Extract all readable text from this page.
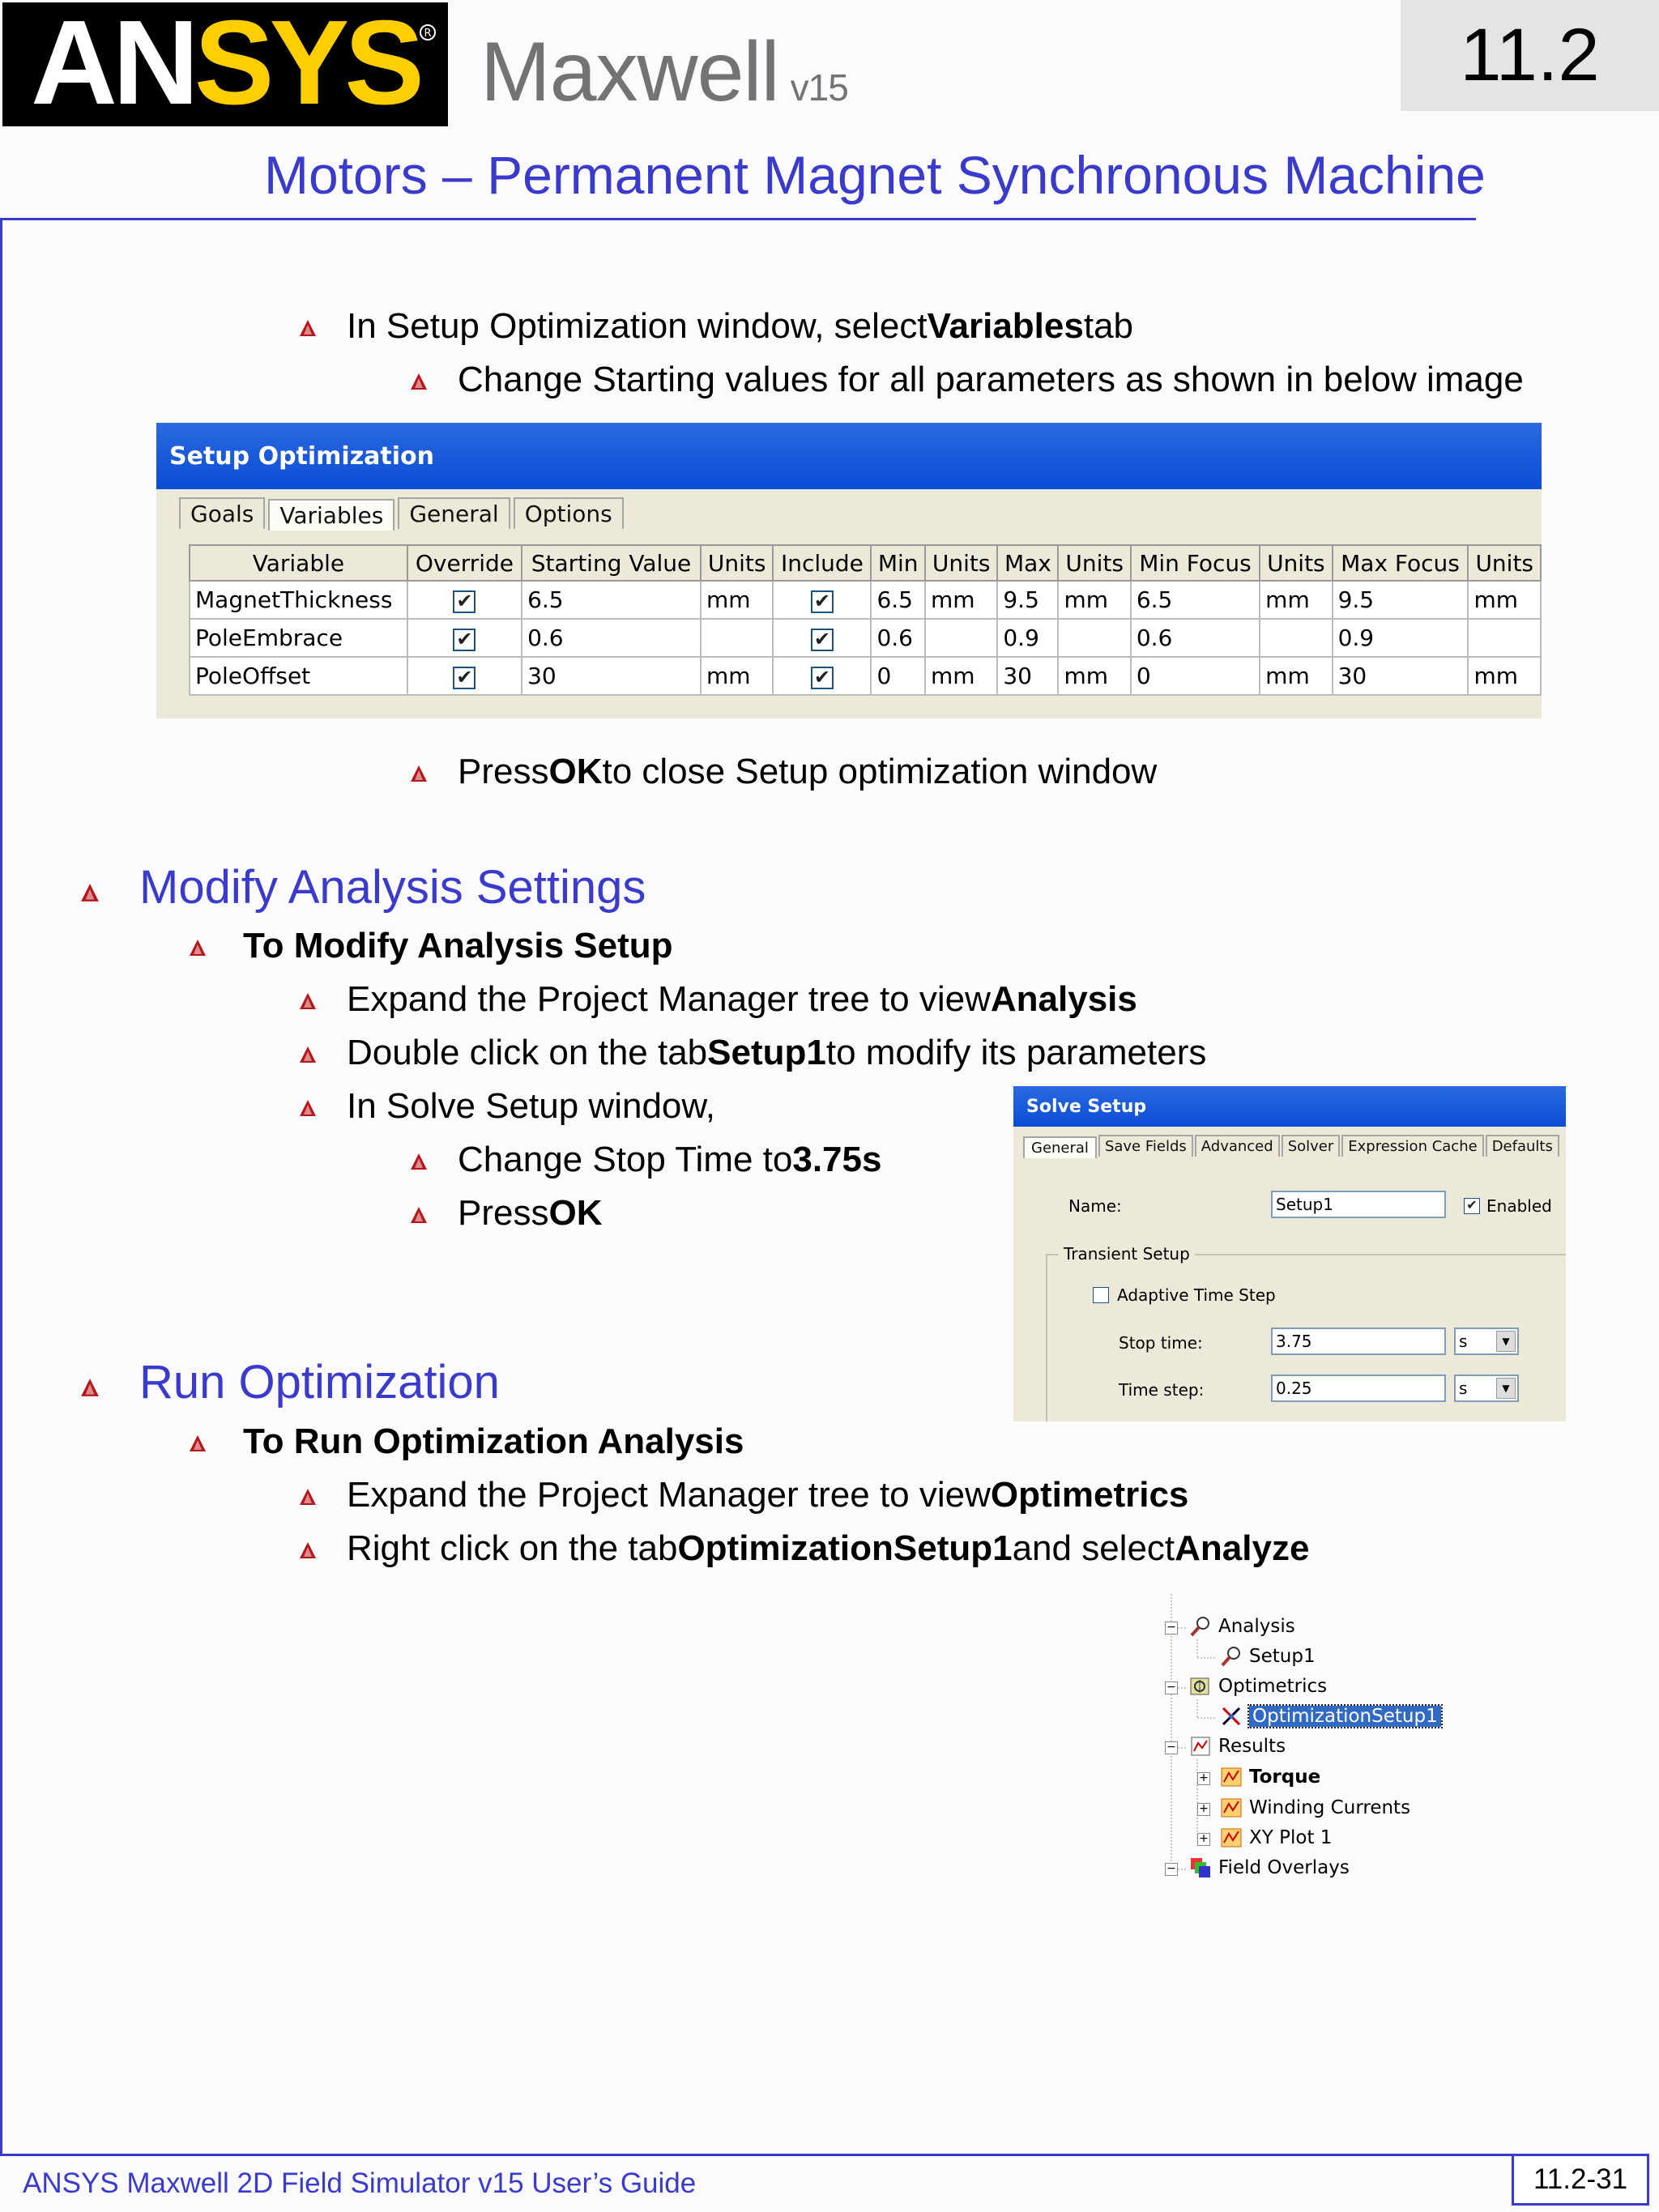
ANSYS R Maxwell v15	11.2
Motors – Permanent Magnet Synchronous Machine
In Setup Optimization window, select Variables tab
Change Starting values for all parameters as shown in below image
Setup Optimization
Goals	Variables	General	Options
Variable	Override	Starting Value	Units	Include	Min	Units	Max	Units	Min Focus	Units	Max Focus	Units
MagnetThickness	✔	6.5	mm	✔	6.5	mm	9.5	mm	6.5	mm	9.5	mm
PoleEmbrace	✔	0.6		✔	0.6		0.9		0.6		0.9	
PoleOffset	✔	30	mm	✔	0	mm	30	mm	0	mm	30	mm
Press OK to close Setup optimization window
Modify Analysis Settings
To Modify Analysis Setup
Expand the Project Manager tree to view Analysis
Double click on the tab Setup1 to modify its parameters
In Solve Setup window,
Change Stop Time to 3.75s
Press OK
Solve Setup
General	Save Fields	Advanced	Solver	Expression Cache	Defaults
Name:	Setup1	✔ Enabled
Transient Setup
Adaptive Time Step
Stop time:	3.75	s	▼
Time step:	0.25	s	▼
Run Optimization
To Run Optimization Analysis
Expand the Project Manager tree to view Optimetrics
Right click on the tab OptimizationSetup1 and select Analyze
− Analysis
Setup1
− Optimetrics
OptimizationSetup1
− Results
+ Torque
+ Winding Currents
+ XY Plot 1
− Field Overlays
ANSYS Maxwell 2D Field Simulator v15 User’s Guide	11.2-31
